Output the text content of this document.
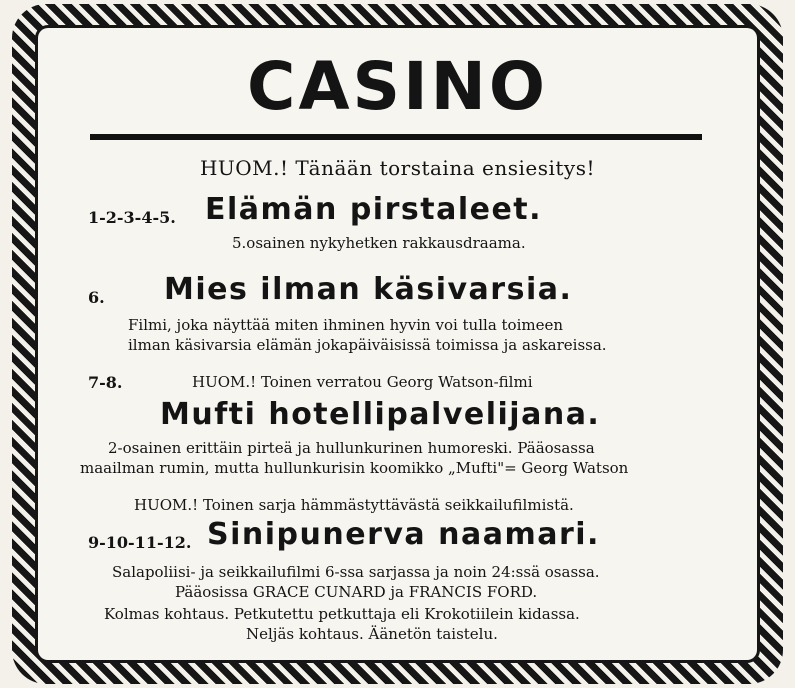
CASINO
HUOM.! Tänään torstaina ensiesitys!
1-2-3-4-5. Elämän pirstaleet.
5.osainen nykyhetken rakkausdraama.
6. Mies ilman käsivarsia.
Filmi, joka näyttää miten ihminen hyvin voi tulla toimeen
ilman käsivarsia elämän jokapäiväisissä toimissa ja askareissa.
7-8.	HUOM.! Toinen verratou Georg Watson-filmi
Mufti hotellipalvelijana.
2-osainen erittäin pirteä ja hullunkurinen humoreski. Pääosassa
maailman rumin, mutta hullunkurisin koomikko „Mufti"= Georg Watson
HUOM.! Toinen sarja hämmästyttävästä seikkailufilmistä.
9-10-11-12. Sinipunerva naamari.
Salapoliisi- ja seikkailufilmi 6-ssa sarjassa ja noin 24:ssä osassa.
Pääosissa GRACE CUNARD ja FRANCIS FORD.
Kolmas kohtaus. Petkutettu petkuttaja eli Krokotiilein kidassa.
Neljäs kohtaus. Äänetön taistelu.
